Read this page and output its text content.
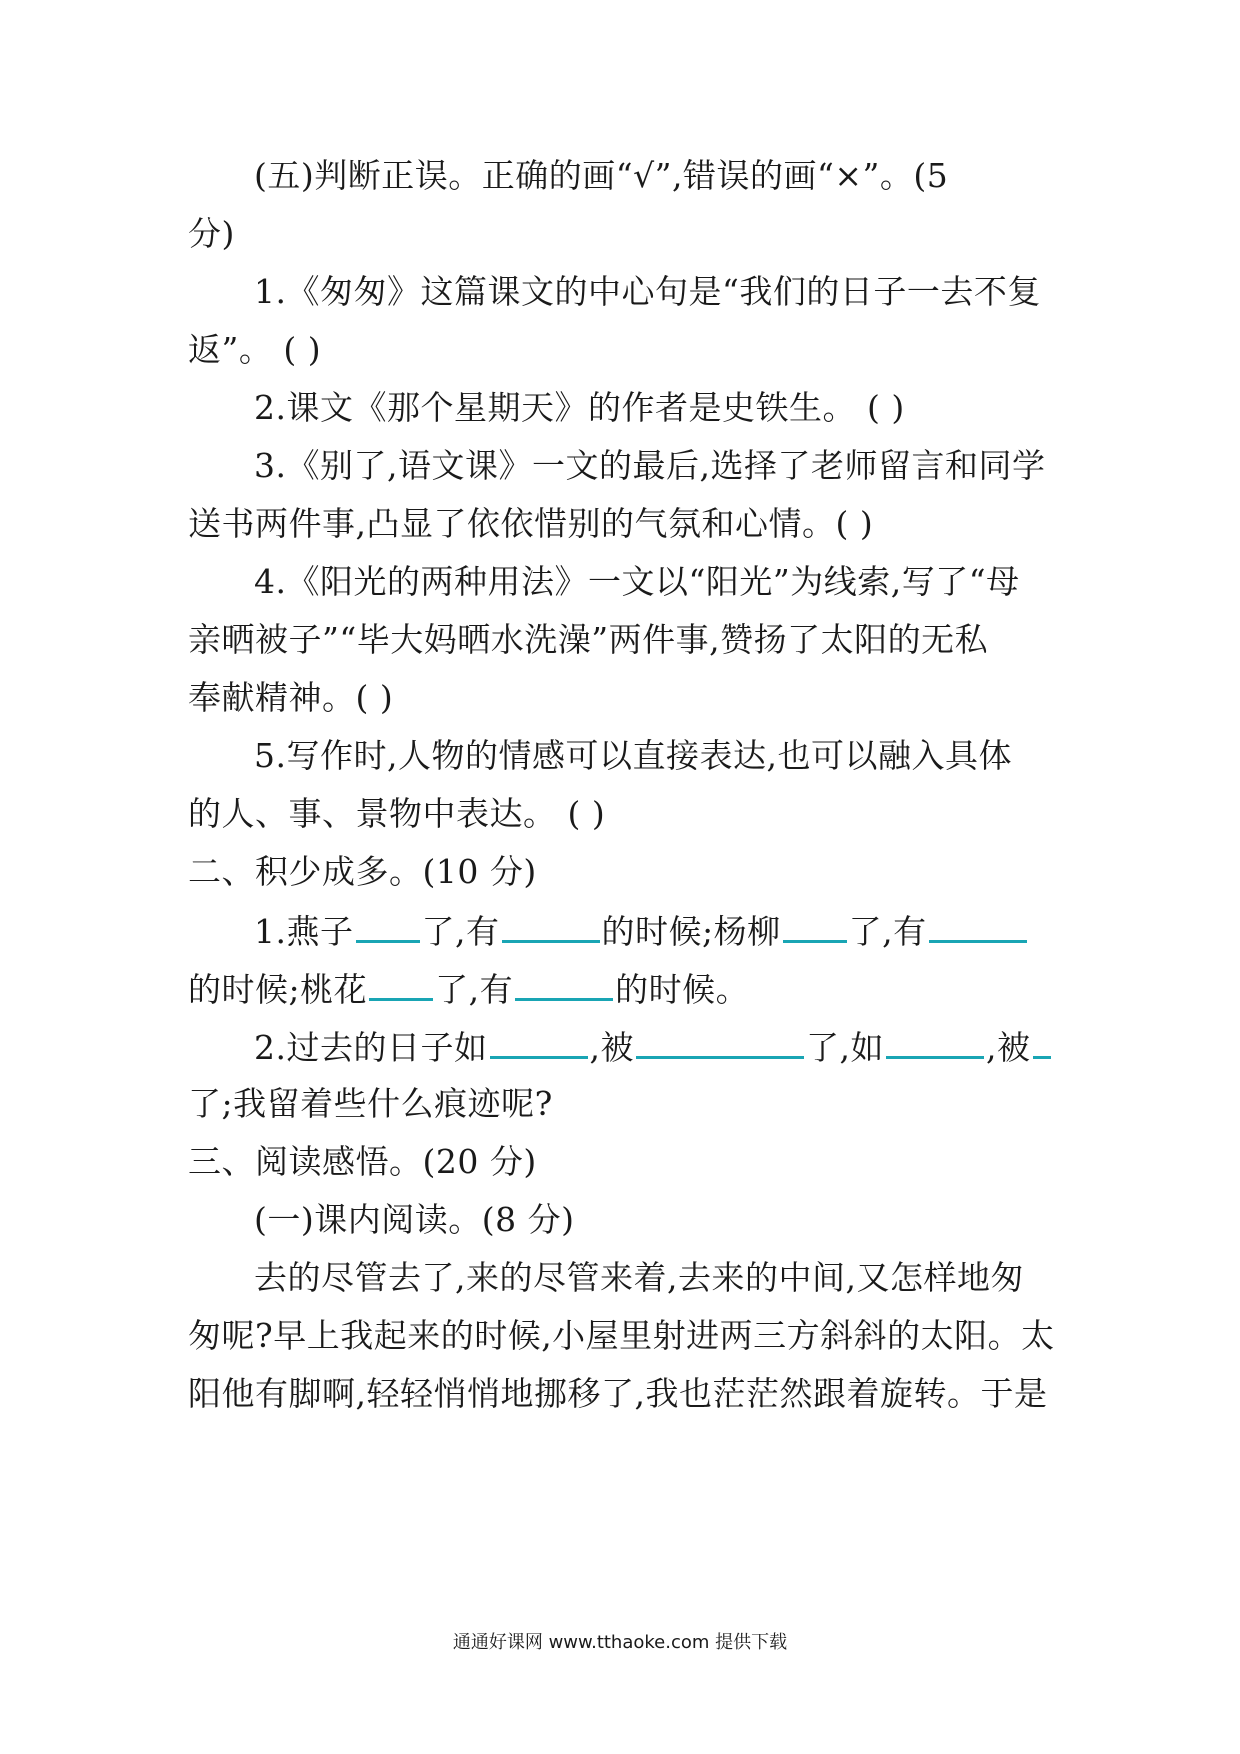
(五)判断正误。正确的画“√”,错误的画“×”。(5
分)
1.《匆匆》这篇课文的中心句是“我们的日子一去不复
返”。 ( )
2.课文《那个星期天》的作者是史铁生。 ( )
3.《别了,语文课》一文的最后,选择了老师留言和同学
送书两件事,凸显了依依惜别的气氛和心情。( )
4.《阳光的两种用法》一文以“阳光”为线索,写了“母
亲晒被子”“毕大妈晒水洗澡”两件事,赞扬了太阳的无私
奉献精神。( )
5.写作时,人物的情感可以直接表达,也可以融入具体
的人、事、景物中表达。 ( )
二、积少成多。(10 分)
1.燕子 了,有	的时候;杨柳 了,有
的时候;桃花 了,有	的时候。
2.过去的日子如	,被	了,如	,被
了;我留着些什么痕迹呢?
三、阅读感悟。(20 分)
(一)课内阅读。(8 分)
去的尽管去了,来的尽管来着,去来的中间,又怎样地匆
匆呢?早上我起来的时候,小屋里射进两三方斜斜的太阳。太
阳他有脚啊,轻轻悄悄地挪移了,我也茫茫然跟着旋转。于是
通通好课网 www.tthaoke.com 提供下载
